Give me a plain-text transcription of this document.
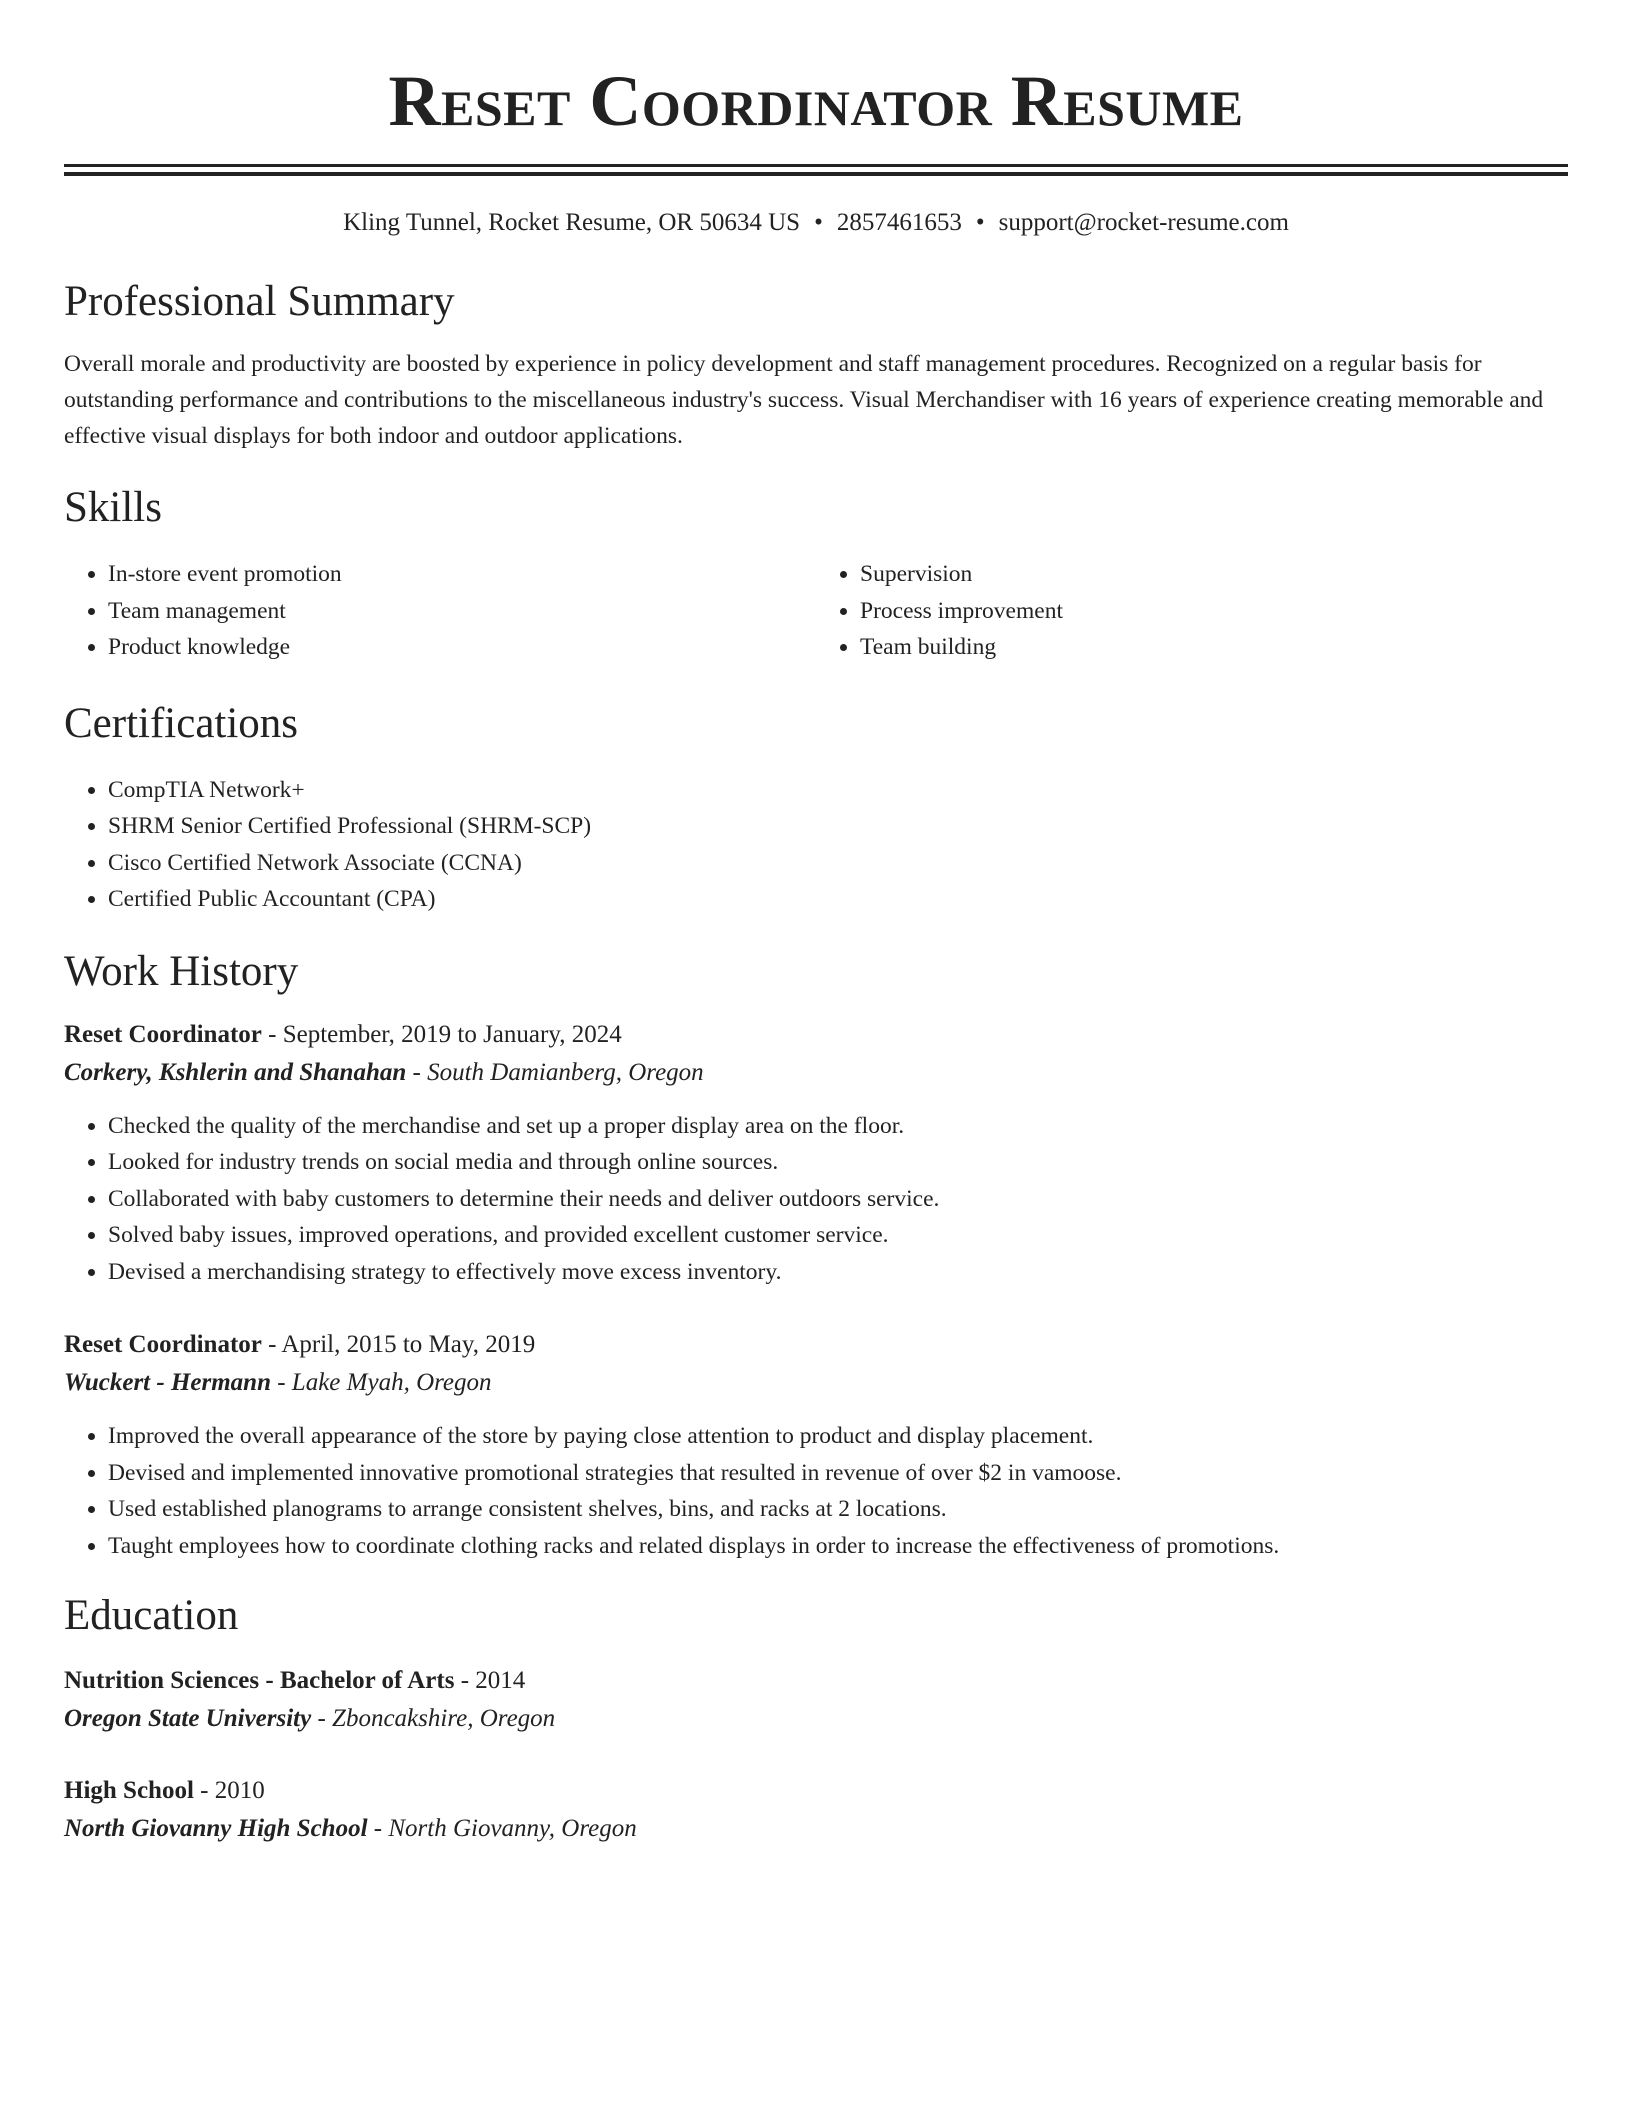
Reset Coordinator Resume
Kling Tunnel, Rocket Resume, OR 50634 US • 2857461653 • support@rocket-resume.com
Professional Summary

Overall morale and productivity are boosted by experience in policy development and staff management procedures. Recognized on a regular basis for outstanding performance and contributions to the miscellaneous industry's success. Visual Merchandiser with 16 years of experience creating memorable and effective visual displays for both indoor and outdoor applications.

Skills
• In-store event promotion
• Team management
• Product knowledge
• Supervision
• Process improvement
• Team building
Certifications
• CompTIA Network+
• SHRM Senior Certified Professional (SHRM-SCP)
• Cisco Certified Network Associate (CCNA)
• Certified Public Accountant (CPA)
Work History
Reset Coordinator - September, 2019 to January, 2024
Corkery, Kshlerin and Shanahan - South Damianberg, Oregon
• Checked the quality of the merchandise and set up a proper display area on the floor.
• Looked for industry trends on social media and through online sources.
• Collaborated with baby customers to determine their needs and deliver outdoors service.
• Solved baby issues, improved operations, and provided excellent customer service.
• Devised a merchandising strategy to effectively move excess inventory.
Reset Coordinator - April, 2015 to May, 2019
Wuckert - Hermann - Lake Myah, Oregon
• Improved the overall appearance of the store by paying close attention to product and display placement.
• Devised and implemented innovative promotional strategies that resulted in revenue of over $2 in vamoose.
• Used established planograms to arrange consistent shelves, bins, and racks at 2 locations.
• Taught employees how to coordinate clothing racks and related displays in order to increase the effectiveness of promotions.
Education
Nutrition Sciences - Bachelor of Arts - 2014
Oregon State University - Zboncakshire, Oregon
High School - 2010
North Giovanny High School - North Giovanny, Oregon
